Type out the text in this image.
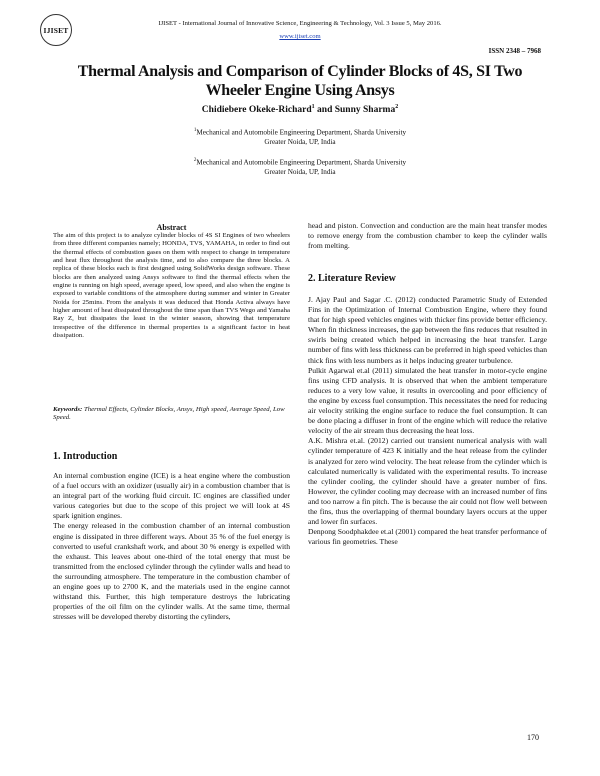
IJISET
IJISET - International Journal of Innovative Science, Engineering & Technology, Vol. 3 Issue 5, May 2016.
www.ijiset.com
ISSN 2348 – 7968
Thermal Analysis and Comparison of Cylinder Blocks of 4S, SI Two Wheeler Engine Using Ansys
Chidiebere Okeke-Richard$^1$ and Sunny Sharma$^2$
$^1$Mechanical and Automobile Engineering Department, Sharda University
Greater Noida, UP, India
$^2$Mechanical and Automobile Engineering Department, Sharda University
Greater Noida, UP, India
Abstract
The aim of this project is to analyze cylinder blocks of 4S SI Engines of two wheelers from three different companies namely; HONDA, TVS, YAMAHA, in order to find out the thermal effects of combustion gases on them with respect to change in temperature and heat flux throughout the analysis time, and to also compare the three blocks. A replica of these blocks each is first designed using SolidWorks design software. These blocks are then analyzed using Ansys software to find the thermal effects when the engine is running on high speed, average speed, low speed, and also when the engine is exposed to variable conditions of the atmosphere during summer and winter in Greater Noida for 25mins. From the analysis it was deduced that Honda Activa always have higher amount of heat dissipated throughout the time span than TVS Wego and Yamaha Ray Z, but dissipates the least in the winter season, showing that temperature irrespective of the difference in thermal properties is a significant factor in heat dissipation.
Keywords: Thermal Effects, Cylinder Blocks, Ansys, High speed, Average Speed, Low Speed.
1. Introduction

An internal combustion engine (ICE) is a heat engine where the combustion of a fuel occurs with an oxidizer (usually air) in a combustion chamber that is an integral part of the working fluid circuit. IC engines are classified under various categories but due to the scope of this project we will look at 4S spark ignition engines.

The energy released in the combustion chamber of an internal combustion engine is dissipated in three different ways. About 35 % of the fuel energy is converted to useful crankshaft work, and about 30 % energy is expelled with the exhaust. This leaves about one-third of the total energy that must be transmitted from the enclosed cylinder through the cylinder walls and head to the surrounding atmosphere. The temperature in the combustion chamber of an engine goes up to 2700 K, and the materials used in the engine cannot withstand this. Further, this high temperature destroys the lubricating properties of the oil film on the cylinder walls. At the same time, thermal stresses will be developed thereby distorting the cylinders,

head and piston. Convection and conduction are the main heat transfer modes to remove energy from the combustion chamber to keep the cylinder walls from melting.

2. Literature Review

J. Ajay Paul and Sagar .C. (2012) conducted Parametric Study of Extended Fins in the Optimization of Internal Combustion Engine, where they found that for high speed vehicles engines with thicker fins provide better efficiency. When fin thickness increases, the gap between the fins reduces that resulted in swirls being created which helped in increasing the heat transfer. Large number of fins with less thickness can be preferred in high speed vehicles than thick fins with less numbers as it helps inducing greater turbulence.

Pulkit Agarwal et.al (2011) simulated the heat transfer in motor-cycle engine fins using CFD analysis. It is observed that when the ambient temperature reduces to a very low value, it results in overcooling and poor efficiency of the engine by excess fuel consumption. This necessitates the need for reducing air velocity striking the engine surface to reduce the fuel consumption. It can be done placing a diffuser in front of the engine which will reduce the relative velocity of the air stream thus decreasing the heat loss.

A.K. Mishra et.al. (2012) carried out transient numerical analysis with wall cylinder temperature of 423 K initially and the heat release from the cylinder is analyzed for zero wind velocity. The heat release from the cylinder which is calculated numerically is validated with the experimental results. To increase the cylinder cooling, the cylinder should have a greater number of fins. However, the cylinder cooling may decrease with an increased number of fins and too narrow a fin pitch. The is because the air could not flow well between the fins, thus the overlapping of thermal boundary layers occurs at the upper and lower fin surfaces.

Denpong Soodphakdee et.al (2001) compared the heat transfer performance of various fin geometries. These

170
